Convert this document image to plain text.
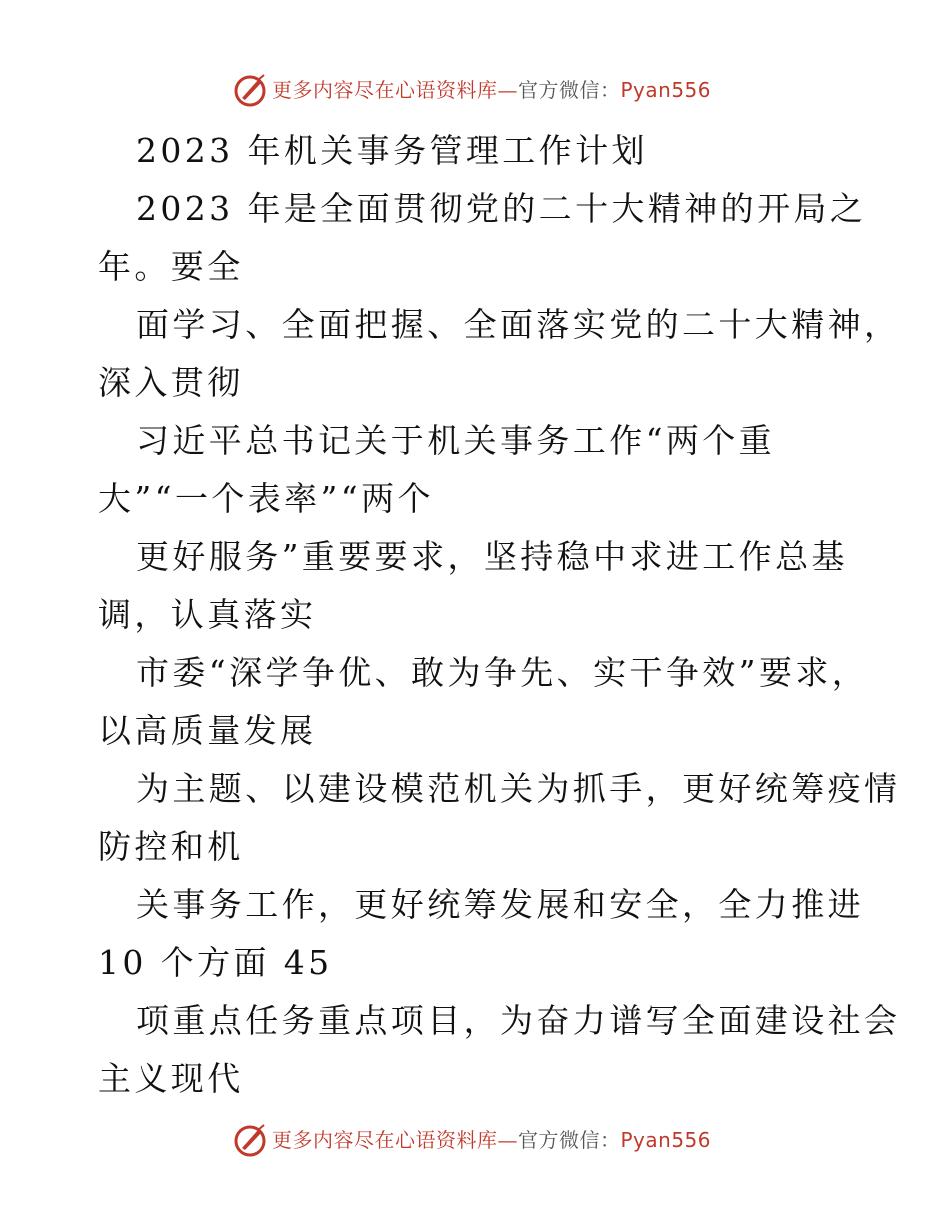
更多内容尽在心语资料库—官方微信：Pyan556
2023 年机关事务管理工作计划
2023 年是全面贯彻党的二十大精神的开局之
年。要全
面学习、全面把握、全面落实党的二十大精神，
深入贯彻
习近平总书记关于机关事务工作“两个重
大”“一个表率”“两个
更好服务”重要要求，坚持稳中求进工作总基
调，认真落实
市委“深学争优、敢为争先、实干争效”要求，
以高质量发展
为主题、以建设模范机关为抓手，更好统筹疫情
防控和机
关事务工作，更好统筹发展和安全，全力推进
10 个方面 45
项重点任务重点项目，为奋力谱写全面建设社会
主义现代
更多内容尽在心语资料库—官方微信：Pyan556
